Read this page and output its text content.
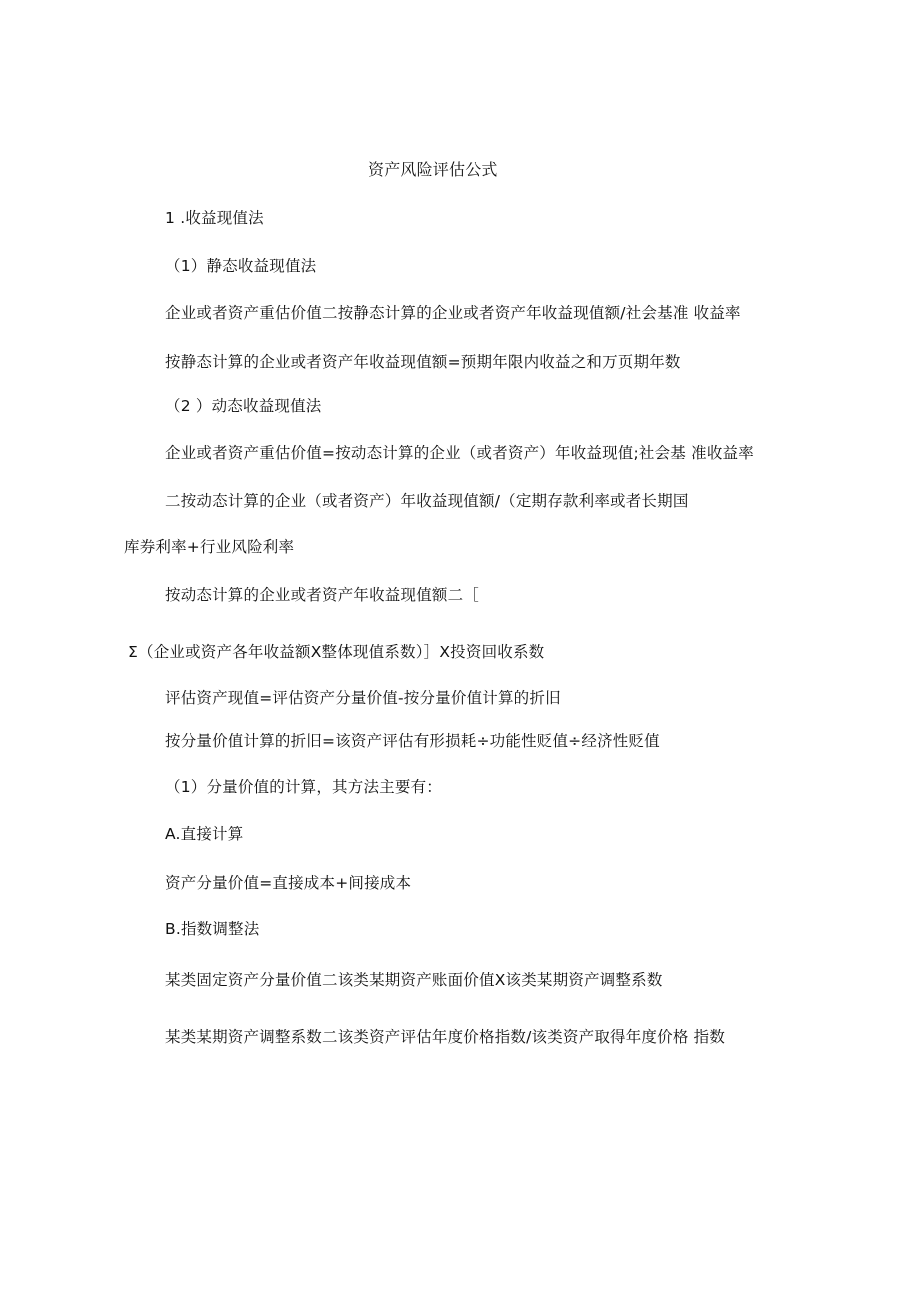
资产风险评估公式
1 .收益现值法
（1）静态收益现值法
企业或者资产重估价值二按静态计算的企业或者资产年收益现值额/社会基准 收益率
按静态计算的企业或者资产年收益现值额=预期年限内收益之和万页期年数
（2 ）动态收益现值法
企业或者资产重估价值=按动态计算的企业（或者资产）年收益现值;社会基 准收益率
二按动态计算的企业（或者资产）年收益现值额/（定期存款利率或者长期国
库券利率+行业风险利率
按动态计算的企业或者资产年收益现值额二［
Σ（企业或资产各年收益额X整体现值系数）］X投资回收系数
评估资产现值=评估资产分量价值-按分量价值计算的折旧
按分量价值计算的折旧=该资产评估有形损耗÷功能性贬值÷经济性贬值
（1）分量价值的计算，其方法主要有：
A.直接计算
资产分量价值=直接成本+间接成本
B.指数调整法
某类固定资产分量价值二该类某期资产账面价值X该类某期资产调整系数
某类某期资产调整系数二该类资产评估年度价格指数/该类资产取得年度价格 指数
